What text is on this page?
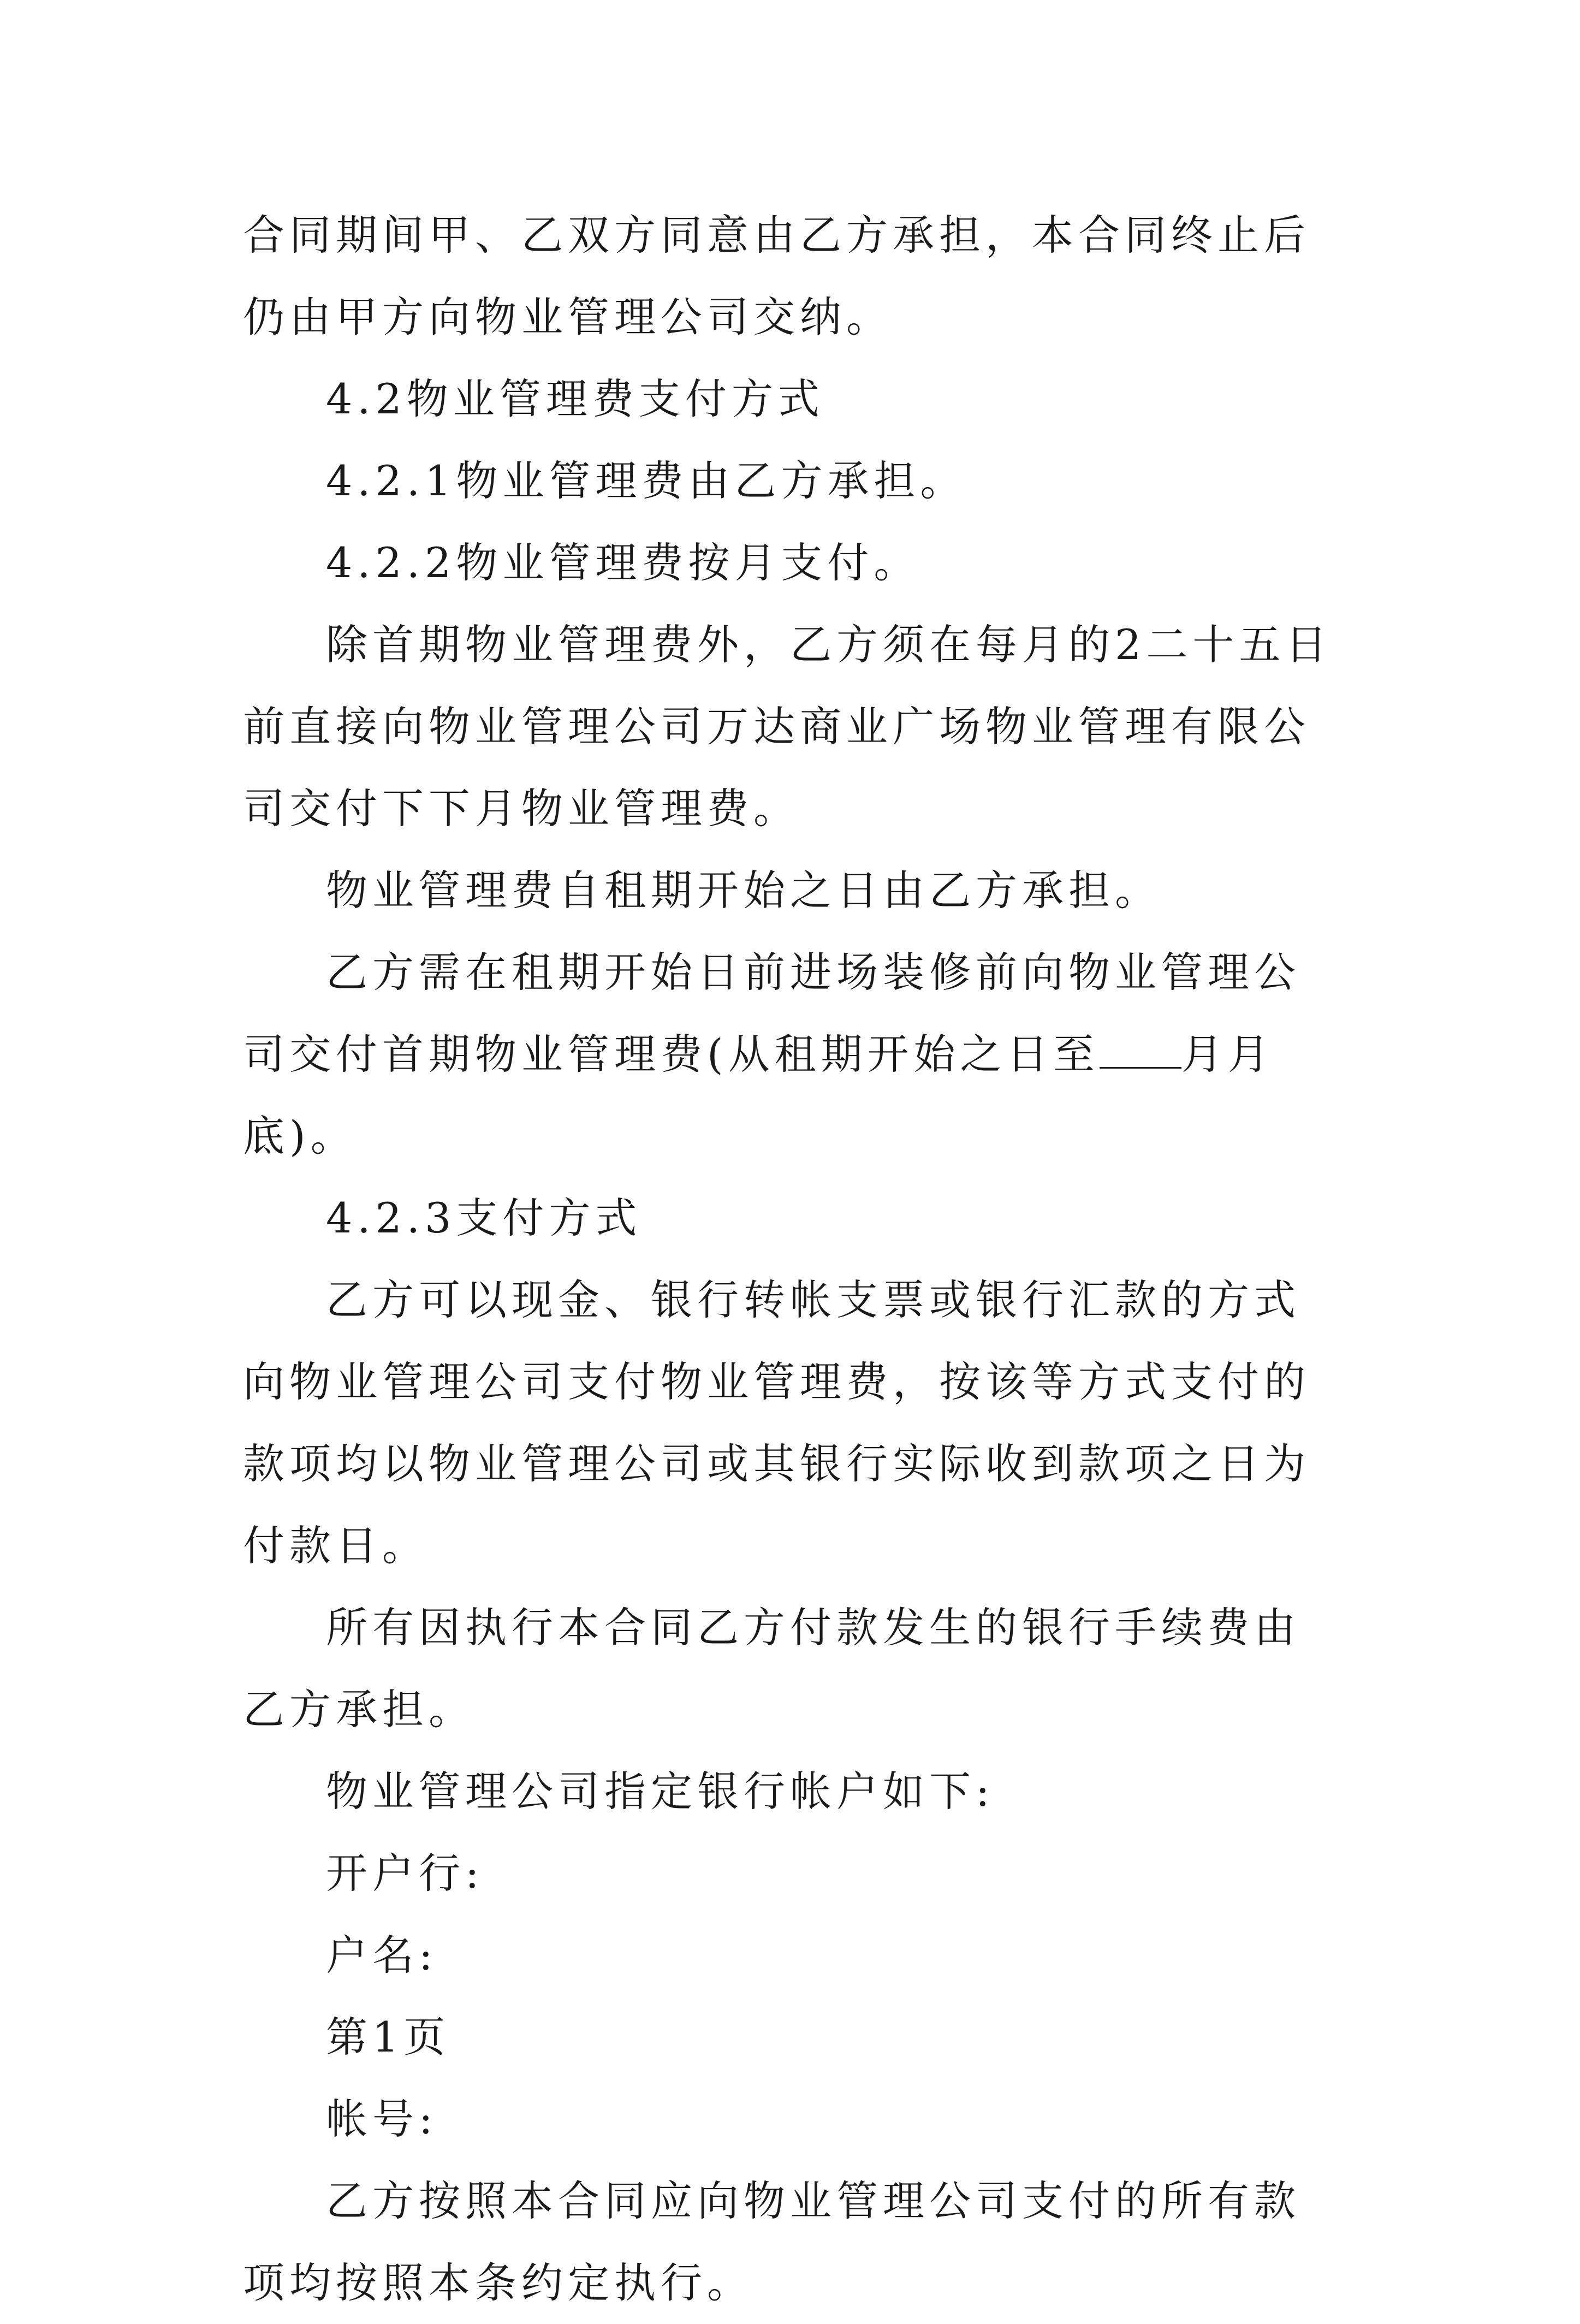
合同期间甲、乙双方同意由乙方承担，本合同终止后仍由甲方向物业管理公司交纳。

4.2物业管理费支付方式

4.2.1物业管理费由乙方承担。

4.2.2物业管理费按月支付。

除首期物业管理费外，乙方须在每月的2二十五日前直接向物业管理公司万达商业广场物业管理有限公司交付下下月物业管理费。

物业管理费自租期开始之日由乙方承担。

乙方需在租期开始日前进场装修前向物业管理公司交付首期物业管理费(从租期开始之日至 月月底)。

4.2.3支付方式

乙方可以现金、银行转帐支票或银行汇款的方式向物业管理公司支付物业管理费，按该等方式支付的款项均以物业管理公司或其银行实际收到款项之日为付款日。

所有因执行本合同乙方付款发生的银行手续费由乙方承担。

物业管理公司指定银行帐户如下:

开户行:

户名:

第1页

帐号:

乙方按照本合同应向物业管理公司支付的所有款项均按照本条约定执行。
